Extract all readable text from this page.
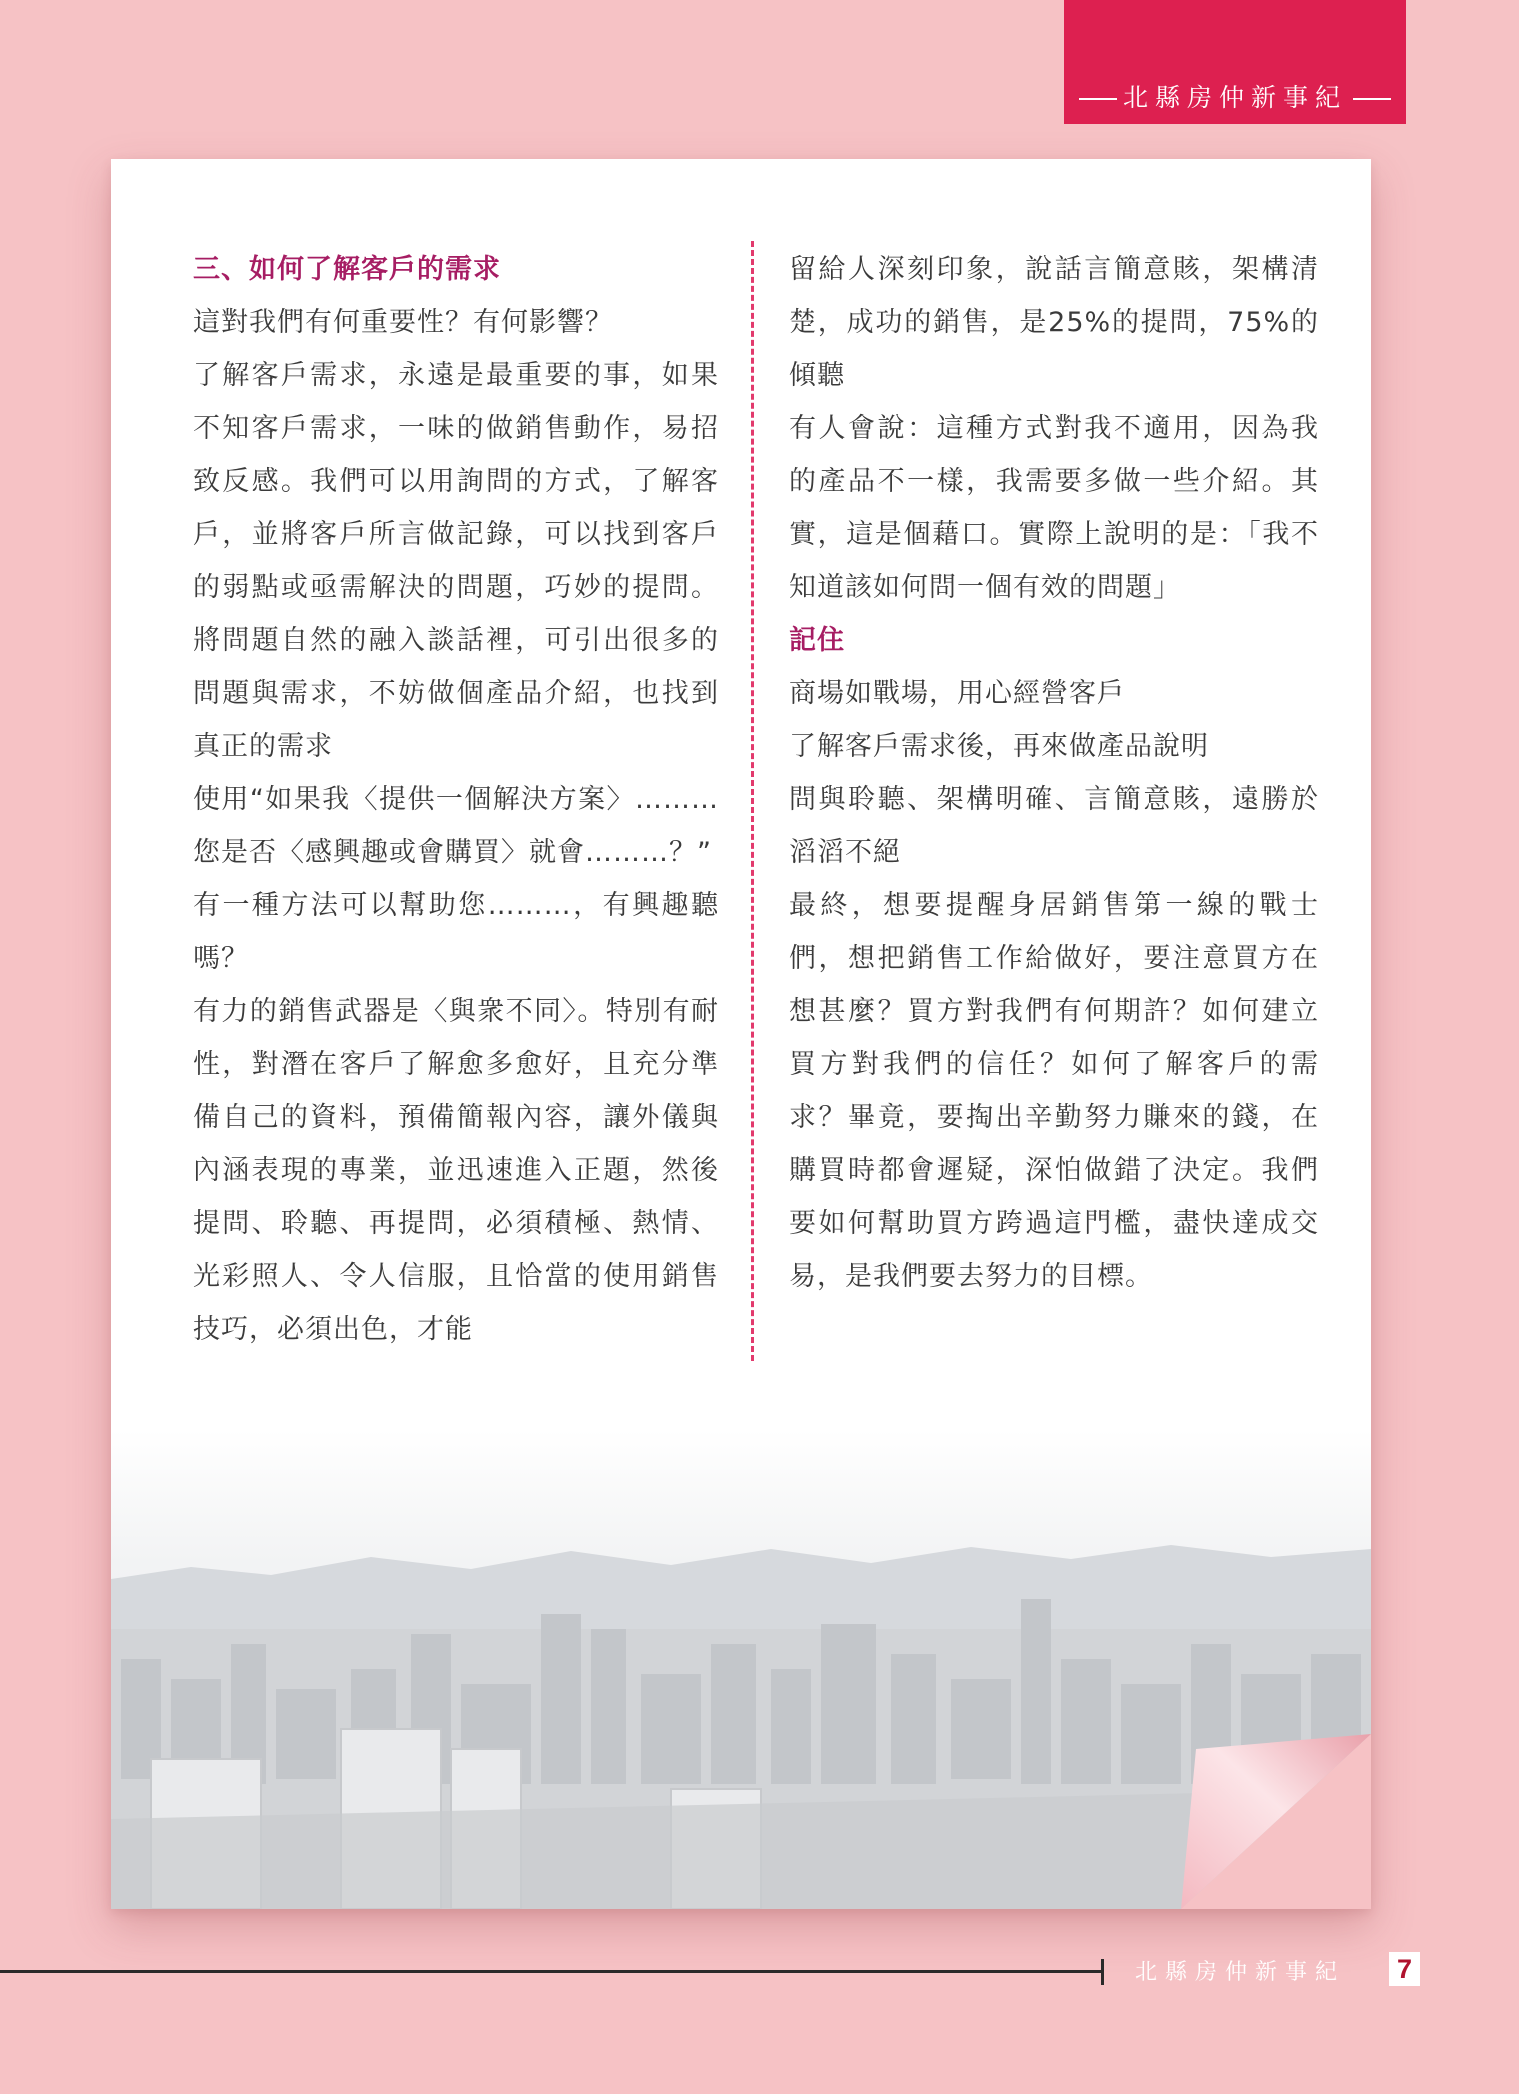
北縣房仲新事紀

三、如何了解客戶的需求

這對我們有何重要性？有何影響？

了解客戶需求，永遠是最重要的事，如果不知客戶需求，一味的做銷售動作，易招致反感。我們可以用詢問的方式，了解客戶，並將客戶所言做記錄，可以找到客戶的弱點或亟需解決的問題，巧妙的提問。將問題自然的融入談話裡，可引出很多的問題與需求，不妨做個產品介紹，也找到真正的需求

使用“如果我〈提供一個解決方案〉………您是否〈感興趣或會購買〉就會………？”

有一種方法可以幫助您………，有興趣聽嗎？

有力的銷售武器是〈與衆不同〉。特別有耐性，對潛在客戶了解愈多愈好，且充分準備自己的資料，預備簡報內容，讓外儀與內涵表現的專業，並迅速進入正題，然後提問、聆聽、再提問，必須積極、熱情、光彩照人、令人信服，且恰當的使用銷售技巧，必須出色，才能

留給人深刻印象，說話言簡意賅，架構清楚，成功的銷售，是25%的提問，75%的傾聽

有人會說：這種方式對我不適用，因為我的產品不一樣，我需要多做一些介紹。其實，這是個藉口。實際上說明的是：「我不知道該如何問一個有效的問題」

記住

商場如戰場，用心經營客戶

了解客戶需求後，再來做產品說明

問與聆聽、架構明確、言簡意賅，遠勝於滔滔不絕

最終，想要提醒身居銷售第一線的戰士們，想把銷售工作給做好，要注意買方在想甚麼？買方對我們有何期許？如何建立買方對我們的信任？如何了解客戶的需求？畢竟，要掏出辛勤努力賺來的錢，在購買時都會遲疑，深怕做錯了決定。我們要如何幫助買方跨過這門檻，盡快達成交易，是我們要去努力的目標。

北縣房仲新事紀 7
